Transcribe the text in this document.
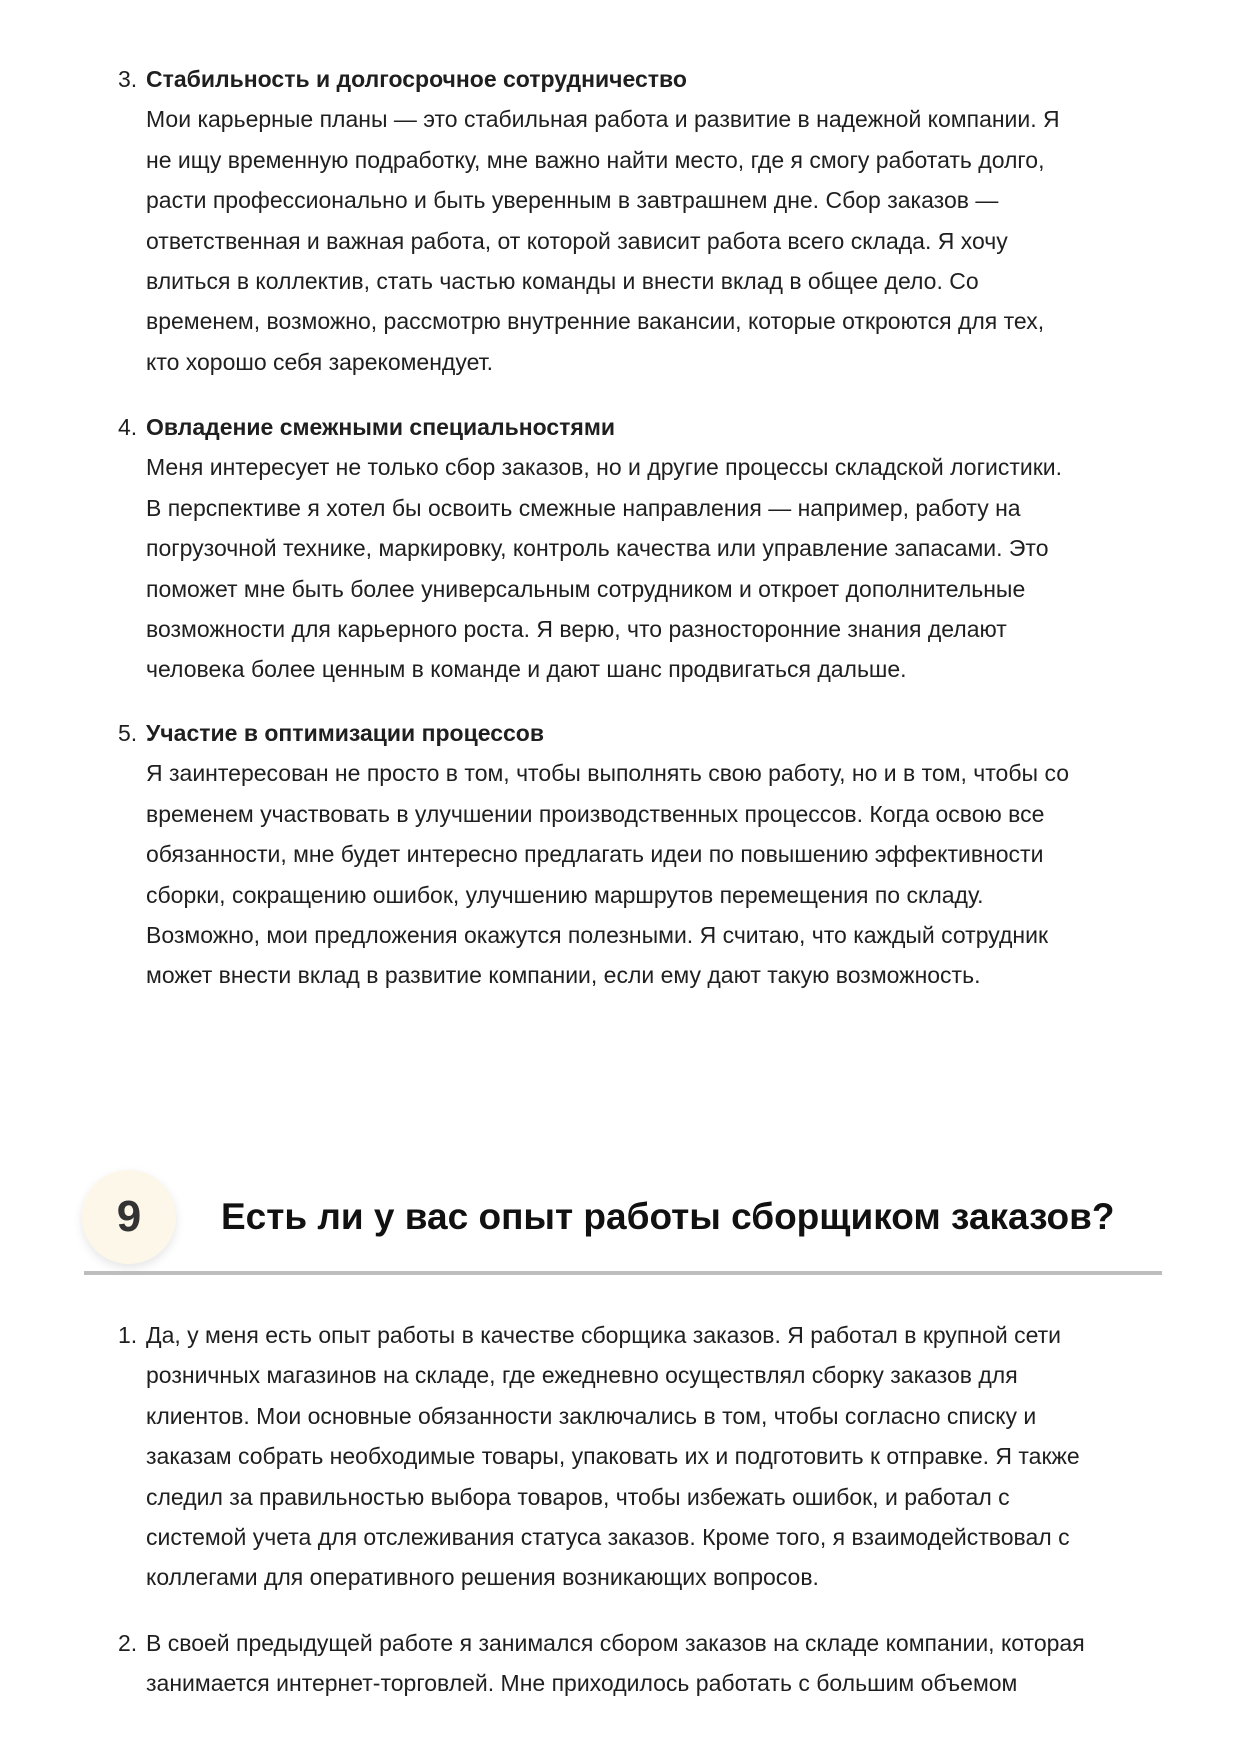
3. Стабильность и долгосрочное сотрудничество
Мои карьерные планы — это стабильная работа и развитие в надежной компании. Я
не ищу временную подработку, мне важно найти место, где я смогу работать долго,
расти профессионально и быть уверенным в завтрашнем дне. Сбор заказов —
ответственная и важная работа, от которой зависит работа всего склада. Я хочу
влиться в коллектив, стать частью команды и внести вклад в общее дело. Со
временем, возможно, рассмотрю внутренние вакансии, которые откроются для тех,
кто хорошо себя зарекомендует.
4. Овладение смежными специальностями
Меня интересует не только сбор заказов, но и другие процессы складской логистики.
В перспективе я хотел бы освоить смежные направления — например, работу на
погрузочной технике, маркировку, контроль качества или управление запасами. Это
поможет мне быть более универсальным сотрудником и откроет дополнительные
возможности для карьерного роста. Я верю, что разносторонние знания делают
человека более ценным в команде и дают шанс продвигаться дальше.
5. Участие в оптимизации процессов
Я заинтересован не просто в том, чтобы выполнять свою работу, но и в том, чтобы со
временем участвовать в улучшении производственных процессов. Когда освою все
обязанности, мне будет интересно предлагать идеи по повышению эффективности
сборки, сокращению ошибок, улучшению маршрутов перемещения по складу.
Возможно, мои предложения окажутся полезными. Я считаю, что каждый сотрудник
может внести вклад в развитие компании, если ему дают такую возможность.
9	Есть ли у вас опыт работы сборщиком заказов?
1. Да, у меня есть опыт работы в качестве сборщика заказов. Я работал в крупной сети
розничных магазинов на складе, где ежедневно осуществлял сборку заказов для
клиентов. Мои основные обязанности заключались в том, чтобы согласно списку и
заказам собрать необходимые товары, упаковать их и подготовить к отправке. Я также
следил за правильностью выбора товаров, чтобы избежать ошибок, и работал с
системой учета для отслеживания статуса заказов. Кроме того, я взаимодействовал с
коллегами для оперативного решения возникающих вопросов.
2. В своей предыдущей работе я занимался сбором заказов на складе компании, которая
занимается интернет-торговлей. Мне приходилось работать с большим объемом
